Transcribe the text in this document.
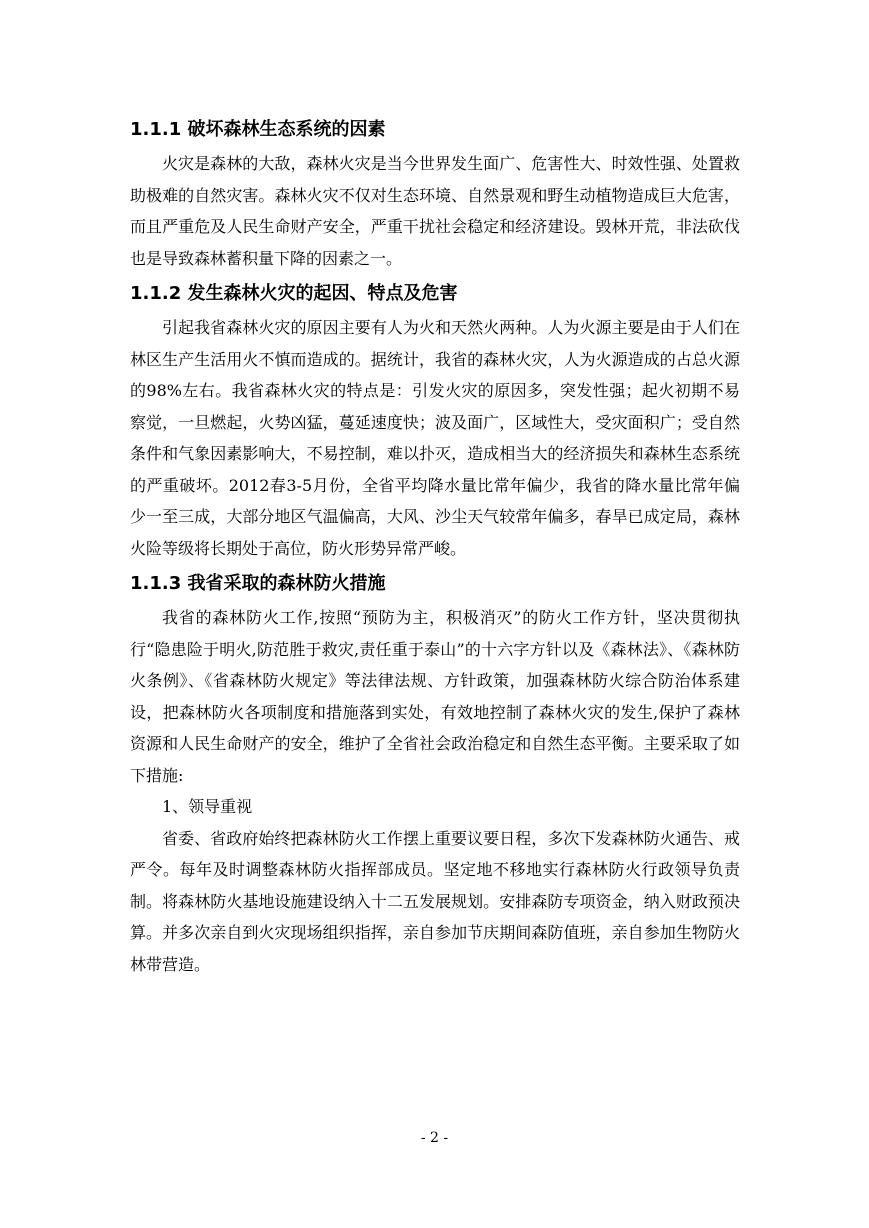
1.1.1 破坏森林生态系统的因素

火灾是森林的大敌，森林火灾是当今世界发生面广、危害性大、时效性强、处置救助极难的自然灾害。森林火灾不仅对生态环境、自然景观和野生动植物造成巨大危害，而且严重危及人民生命财产安全，严重干扰社会稳定和经济建设。毁林开荒，非法砍伐也是导致森林蓄积量下降的因素之一。

1.1.2 发生森林火灾的起因、特点及危害

引起我省森林火灾的原因主要有人为火和天然火两种。人为火源主要是由于人们在林区生产生活用火不慎而造成的。据统计，我省的森林火灾，人为火源造成的占总火源的98%左右。我省森林火灾的特点是：引发火灾的原因多，突发性强；起火初期不易察觉，一旦燃起，火势凶猛，蔓延速度快；波及面广，区域性大，受灾面积广；受自然条件和气象因素影响大，不易控制，难以扑灭，造成相当大的经济损失和森林生态系统的严重破坏。2012春3-5月份，全省平均降水量比常年偏少，我省的降水量比常年偏少一至三成，大部分地区气温偏高，大风、沙尘天气较常年偏多，春旱已成定局，森林火险等级将长期处于高位，防火形势异常严峻。

1.1.3 我省采取的森林防火措施

我省的森林防火工作,按照“预防为主，积极消灭”的防火工作方针，坚决贯彻执行“隐患险于明火,防范胜于救灾,责任重于泰山”的十六字方针以及《森林法》、《森林防火条例》、《省森林防火规定》等法律法规、方针政策，加强森林防火综合防治体系建设，把森林防火各项制度和措施落到实处，有效地控制了森林火灾的发生,保护了森林资源和人民生命财产的安全，维护了全省社会政治稳定和自然生态平衡。主要采取了如下措施:

1、领导重视

省委、省政府始终把森林防火工作摆上重要议要日程，多次下发森林防火通告、戒严令。每年及时调整森林防火指挥部成员。坚定地不移地实行森林防火行政领导负责制。将森林防火基地设施建设纳入十二五发展规划。安排森防专项资金，纳入财政预决算。并多次亲自到火灾现场组织指挥，亲自参加节庆期间森防值班，亲自参加生物防火林带营造。

- 2 -
